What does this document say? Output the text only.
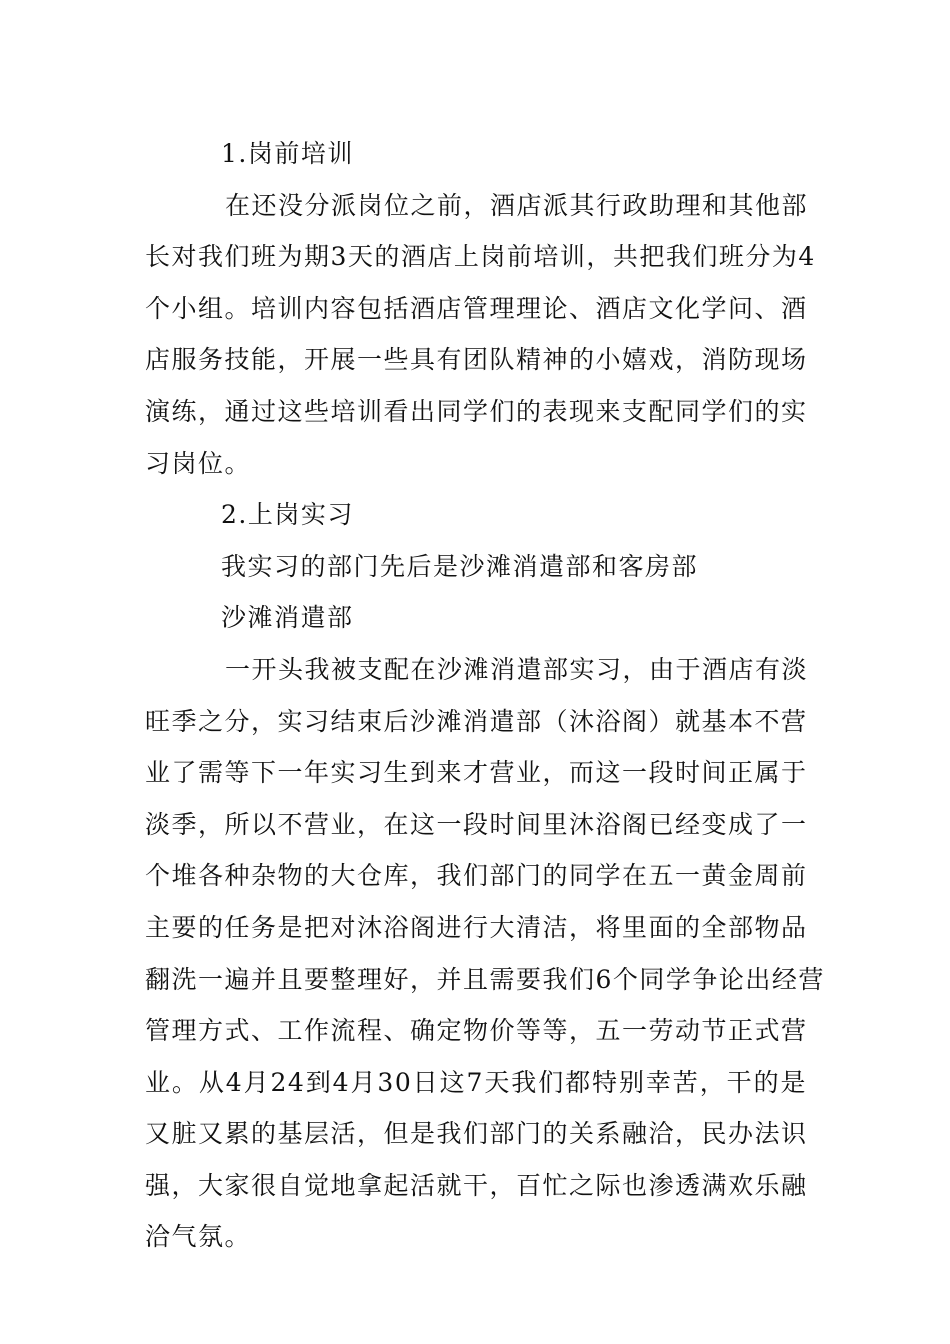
1.岗前培训
在还没分派岗位之前，酒店派其行政助理和其他部
长对我们班为期3天的酒店上岗前培训，共把我们班分为4
个小组。培训内容包括酒店管理理论、酒店文化学问、酒
店服务技能，开展一些具有团队精神的小嬉戏，消防现场
演练，通过这些培训看出同学们的表现来支配同学们的实
习岗位。
2.上岗实习
我实习的部门先后是沙滩消遣部和客房部
沙滩消遣部
一开头我被支配在沙滩消遣部实习，由于酒店有淡
旺季之分，实习结束后沙滩消遣部（沐浴阁）就基本不营
业了需等下一年实习生到来才营业，而这一段时间正属于
淡季，所以不营业，在这一段时间里沐浴阁已经变成了一
个堆各种杂物的大仓库，我们部门的同学在五一黄金周前
主要的任务是把对沐浴阁进行大清洁，将里面的全部物品
翻洗一遍并且要整理好，并且需要我们6个同学争论出经营
管理方式、工作流程、确定物价等等，五一劳动节正式营
业。从4月24到4月30日这7天我们都特别幸苦，干的是
又脏又累的基层活，但是我们部门的关系融洽，民办法识
强，大家很自觉地拿起活就干，百忙之际也渗透满欢乐融
洽气氛。
